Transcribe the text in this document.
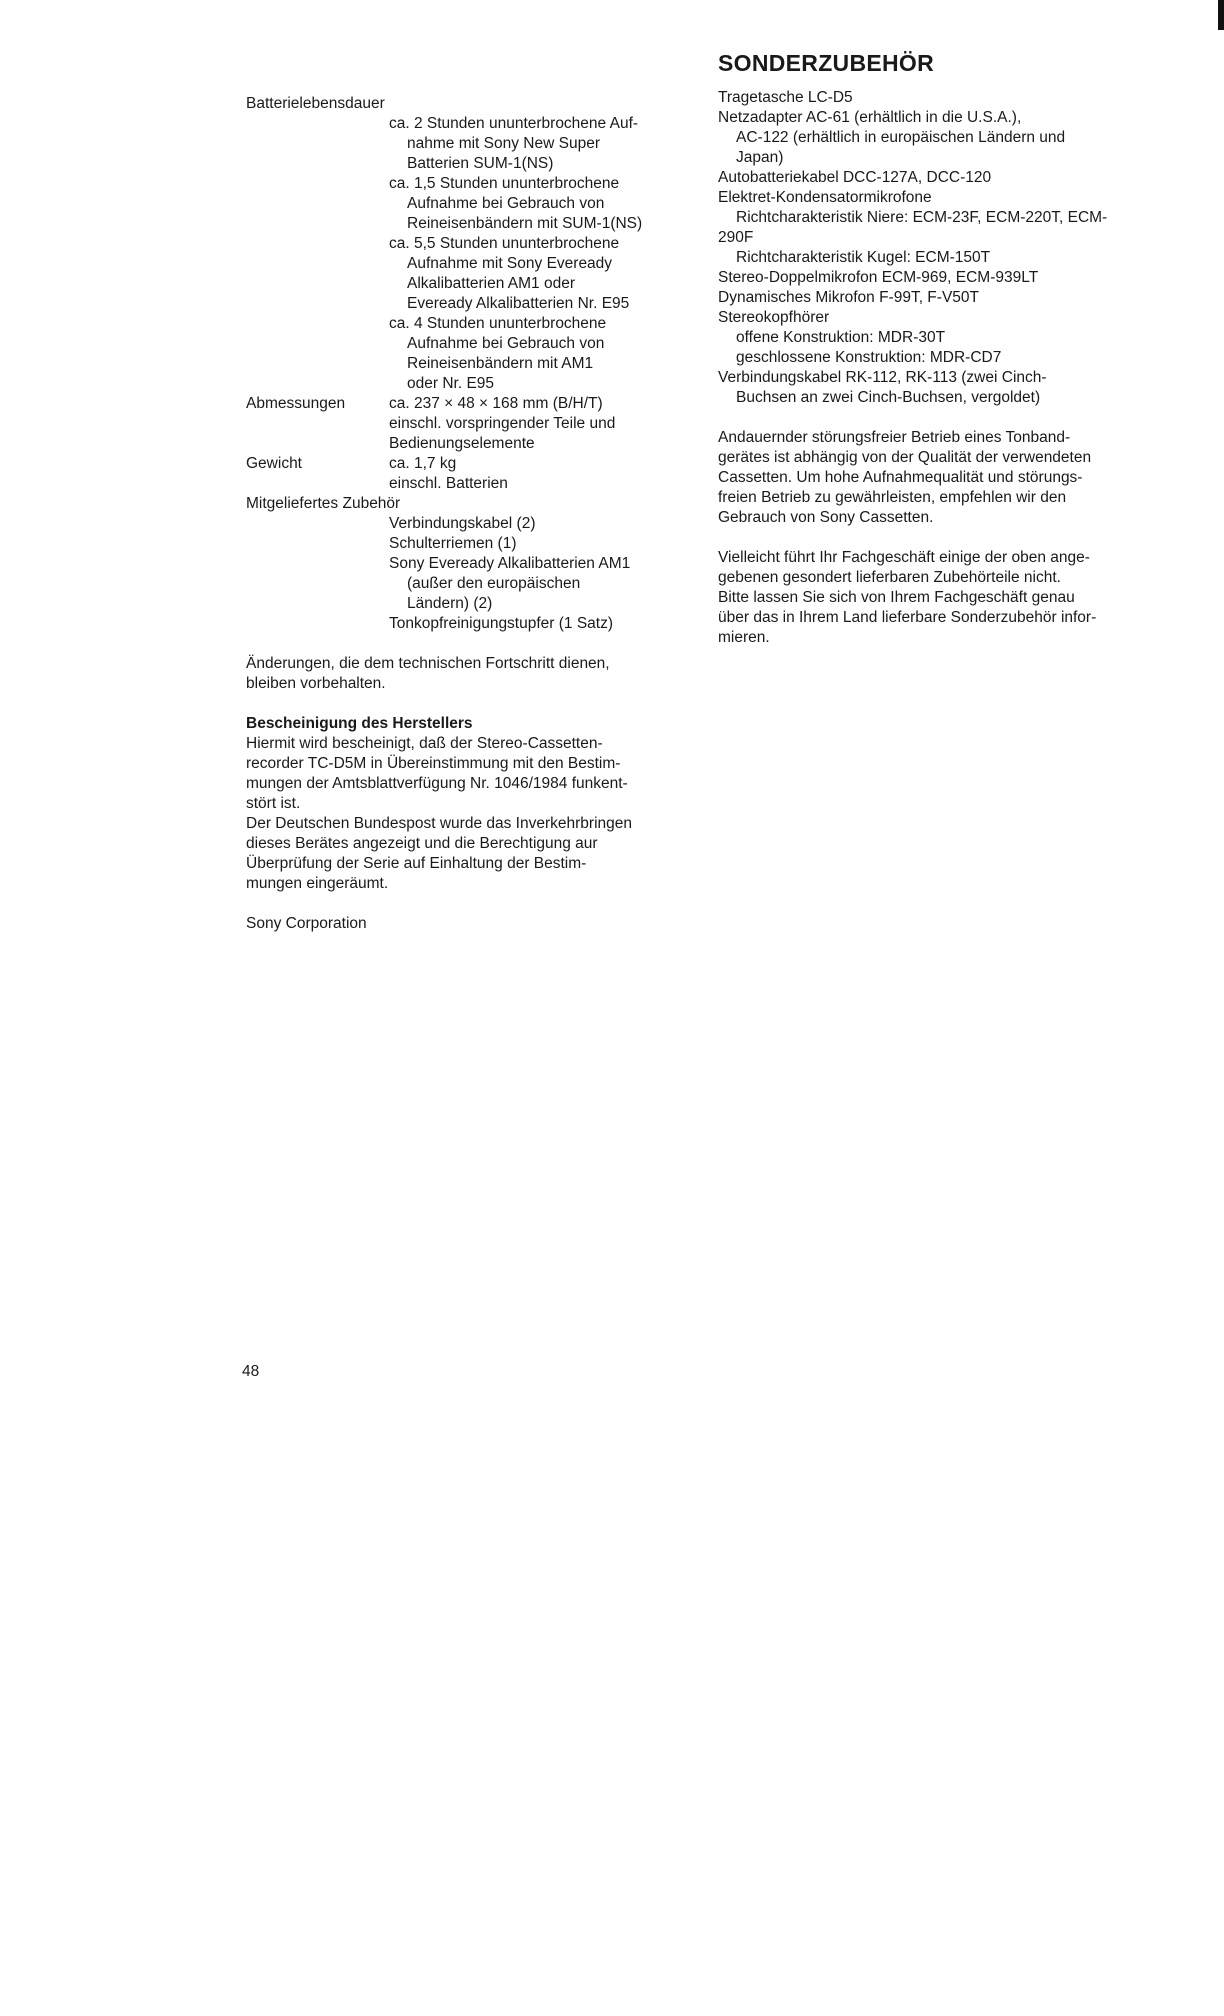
Batterielebensdauer
ca. 2 Stunden ununterbrochene Auf-
nahme mit Sony New Super
Batterien SUM-1(NS)
ca. 1,5 Stunden ununterbrochene
Aufnahme bei Gebrauch von
Reineisenbändern mit SUM-1(NS)
ca. 5,5 Stunden ununterbrochene
Aufnahme mit Sony Eveready
Alkalibatterien AM1 oder
Eveready Alkalibatterien Nr. E95
ca. 4 Stunden ununterbrochene
Aufnahme bei Gebrauch von
Reineisenbändern mit AM1
oder Nr. E95
Abmessungen	ca. 237 × 48 × 168 mm (B/H/T)
einschl. vorspringender Teile und
Bedienungselemente
Gewicht	ca. 1,7 kg
einschl. Batterien
Mitgeliefertes Zubehör
Verbindungskabel (2)
Schulterriemen (1)
Sony Eveready Alkalibatterien AM1
(außer den europäischen
Ländern) (2)
Tonkopfreinigungstupfer (1 Satz)
Änderungen, die dem technischen Fortschritt dienen,
bleiben vorbehalten.
Bescheinigung des Herstellers
Hiermit wird bescheinigt, daß der Stereo-Cassetten-
recorder TC-D5M in Übereinstimmung mit den Bestim-
mungen der Amtsblattverfügung Nr. 1046/1984 funkent-
stört ist.
Der Deutschen Bundespost wurde das Inverkehrbringen
dieses Berätes angezeigt und die Berechtigung aur
Überprüfung der Serie auf Einhaltung der Bestim-
mungen eingeräumt.
Sony Corporation
SONDERZUBEHÖR
Tragetasche LC-D5
Netzadapter AC-61 (erhältlich in die U.S.A.),
AC-122 (erhältlich in europäischen Ländern und
Japan)
Autobatteriekabel DCC-127A, DCC-120
Elektret-Kondensatormikrofone
Richtcharakteristik Niere: ECM-23F, ECM-220T, ECM-
290F
Richtcharakteristik Kugel: ECM-150T
Stereo-Doppelmikrofon ECM-969, ECM-939LT
Dynamisches Mikrofon F-99T, F-V50T
Stereokopfhörer
offene Konstruktion: MDR-30T
geschlossene Konstruktion: MDR-CD7
Verbindungskabel RK-112, RK-113 (zwei Cinch-
Buchsen an zwei Cinch-Buchsen, vergoldet)
Andauernder störungsfreier Betrieb eines Tonband-
gerätes ist abhängig von der Qualität der verwendeten
Cassetten. Um hohe Aufnahmequalität und störungs-
freien Betrieb zu gewährleisten, empfehlen wir den
Gebrauch von Sony Cassetten.
Vielleicht führt Ihr Fachgeschäft einige der oben ange-
gebenen gesondert lieferbaren Zubehörteile nicht.
Bitte lassen Sie sich von Ihrem Fachgeschäft genau
über das in Ihrem Land lieferbare Sonderzubehör infor-
mieren.
48
